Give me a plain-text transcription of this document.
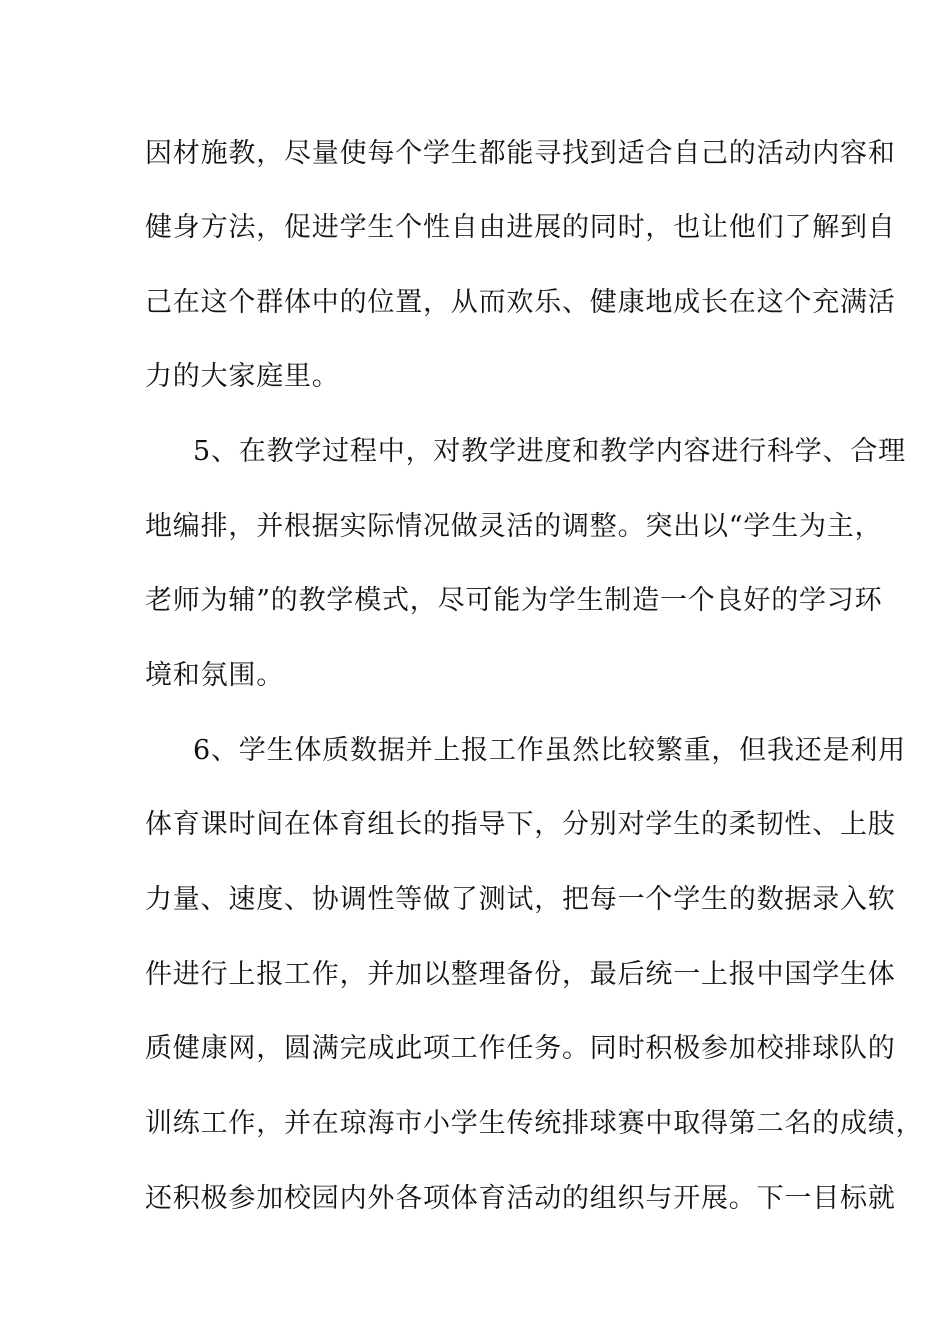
因材施教，尽量使每个学生都能寻找到适合自己的活动内容和
健身方法，促进学生个性自由进展的同时，也让他们了解到自
己在这个群体中的位置，从而欢乐、健康地成长在这个充满活
力的大家庭里。
5、在教学过程中，对教学进度和教学内容进行科学、合理
地编排，并根据实际情况做灵活的调整。突出以“学生为主，
老师为辅”的教学模式，尽可能为学生制造一个良好的学习环
境和氛围。
6、学生体质数据并上报工作虽然比较繁重，但我还是利用
体育课时间在体育组长的指导下，分别对学生的柔韧性、上肢
力量、速度、协调性等做了测试，把每一个学生的数据录入软
件进行上报工作，并加以整理备份，最后统一上报中国学生体
质健康网，圆满完成此项工作任务。同时积极参加校排球队的
训练工作，并在琼海市小学生传统排球赛中取得第二名的成绩，
还积极参加校园内外各项体育活动的组织与开展。下一目标就
